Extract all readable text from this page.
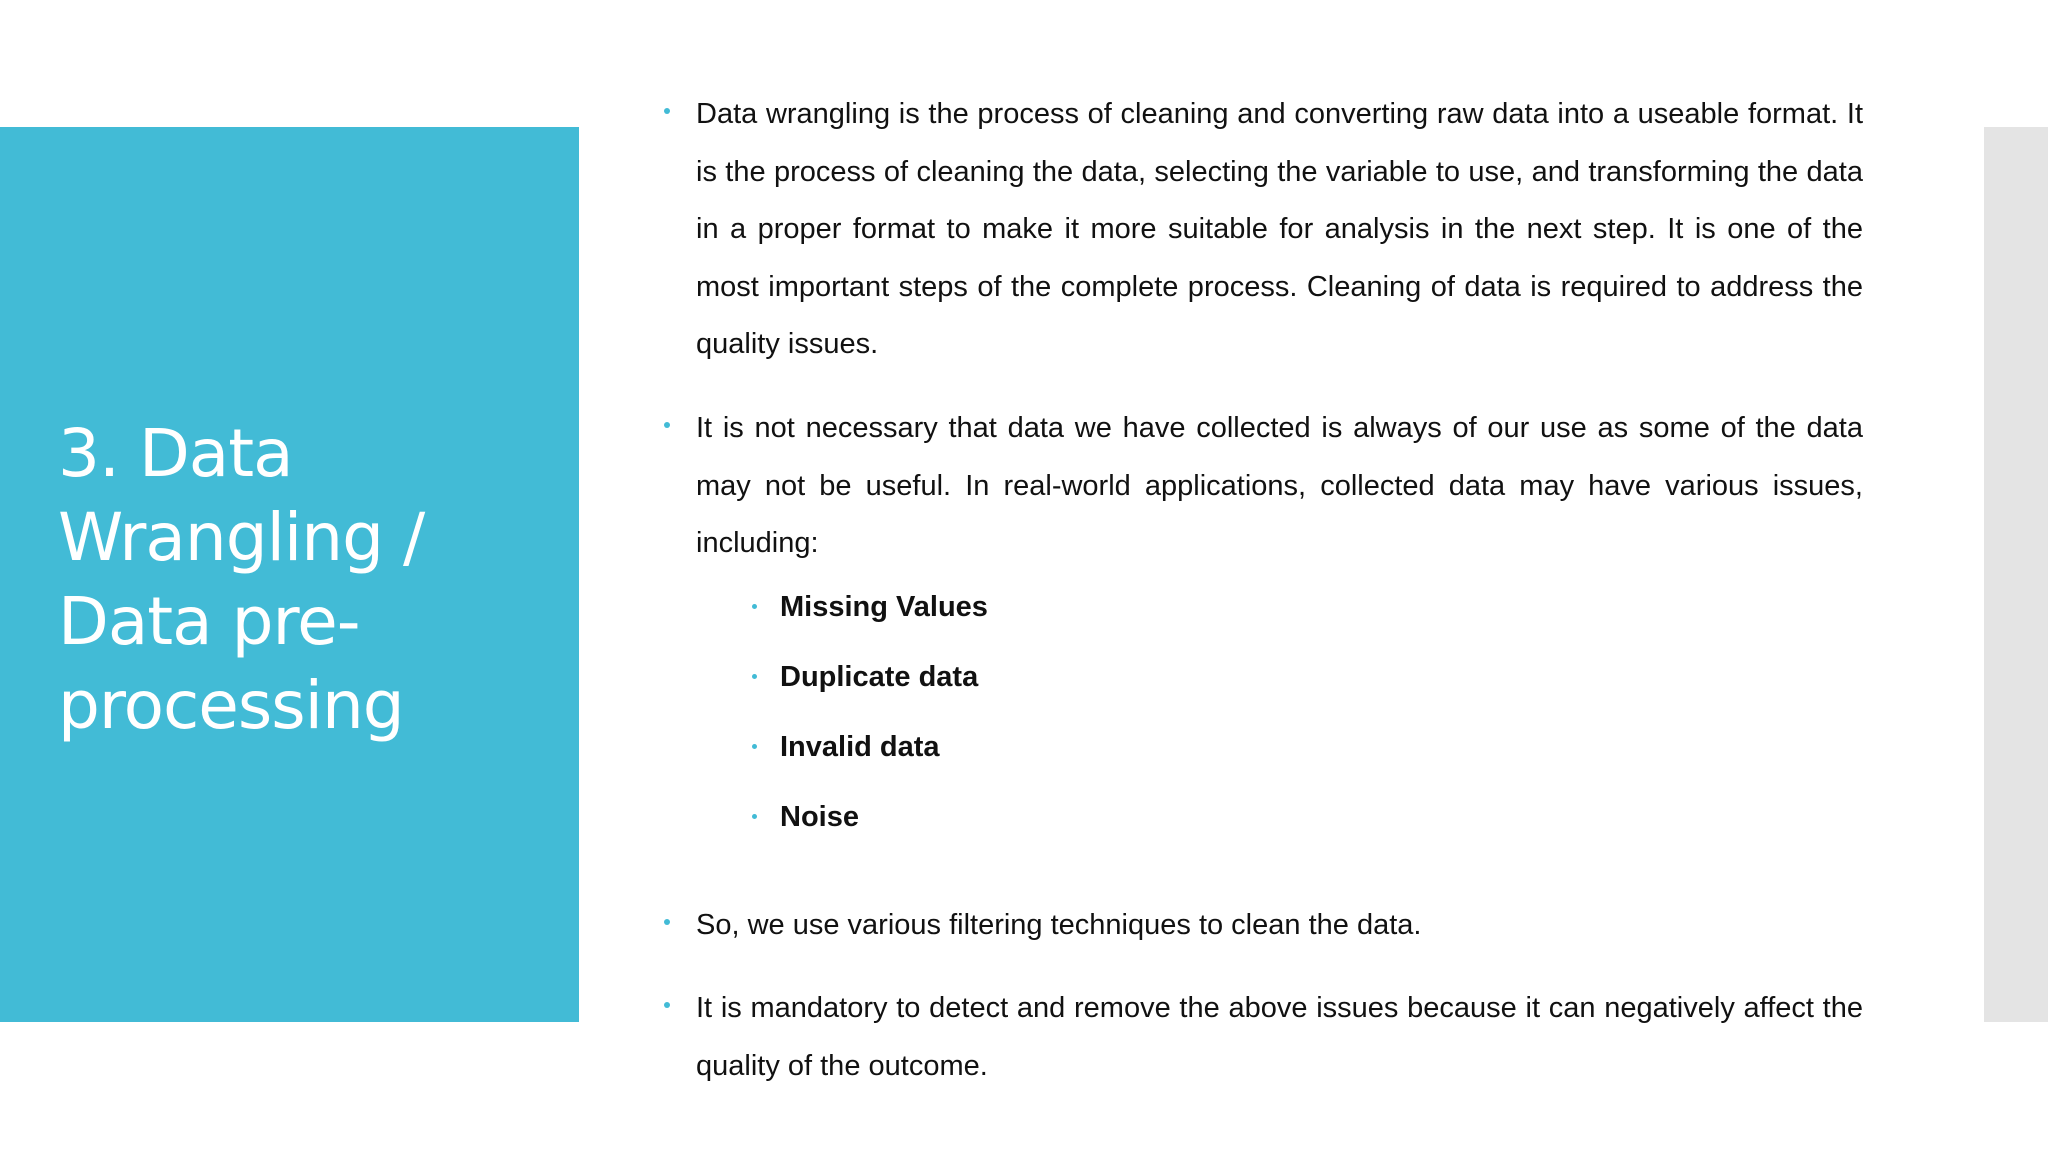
3. Data
Wrangling /
Data pre-
processing
Data wrangling is the process of cleaning and converting raw data into a useable format. It is the process of cleaning the data, selecting the variable to use, and transforming the data in a proper format to make it more suitable for analysis in the next step. It is one of the most important steps of the complete process. Cleaning of data is required to address the quality issues.
It is not necessary that data we have collected is always of our use as some of the data may not be useful. In real-world applications, collected data may have various issues, including:
Missing Values
Duplicate data
Invalid data
Noise
So, we use various filtering techniques to clean the data.
It is mandatory to detect and remove the above issues because it can negatively affect the quality of the outcome.
